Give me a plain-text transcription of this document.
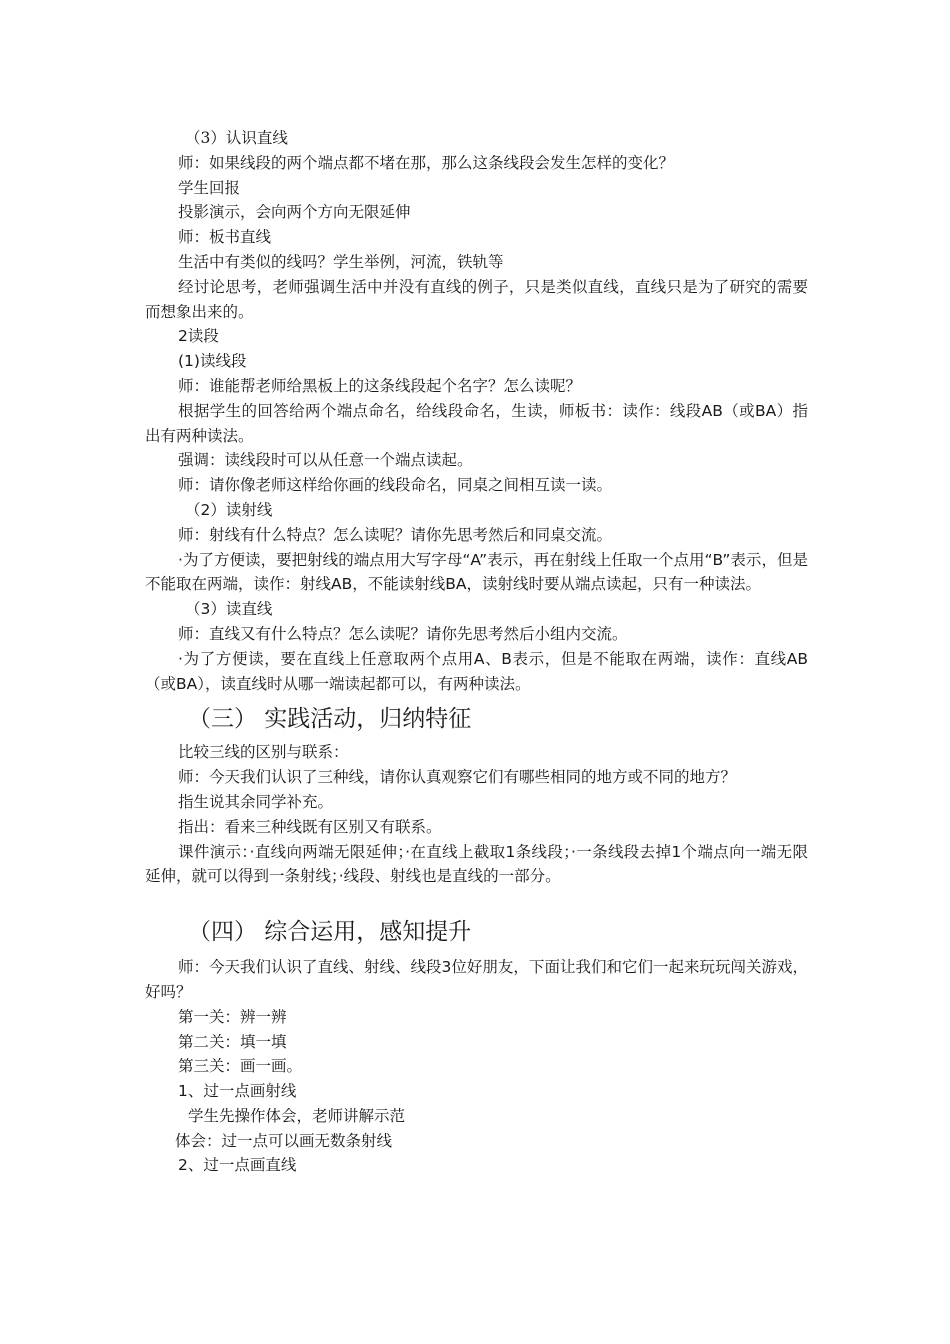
（3）认识直线
师：如果线段的两个端点都不堵在那，那么这条线段会发生怎样的变化？
学生回报
投影演示，会向两个方向无限延伸
师：板书直线
生活中有类似的线吗？学生举例，河流，铁轨等
经讨论思考，老师强调生活中并没有直线的例子，只是类似直线，直线只是为了研究的需要而想象出来的。
2读段
(1)读线段
师：谁能帮老师给黑板上的这条线段起个名字？怎么读呢？
根据学生的回答给两个端点命名，给线段命名，生读，师板书：读作：线段AB（或BA）指出有两种读法。
强调：读线段时可以从任意一个端点读起。
师：请你像老师这样给你画的线段命名，同桌之间相互读一读。
（2）读射线
师：射线有什么特点？怎么读呢？请你先思考然后和同桌交流。
·为了方便读，要把射线的端点用大写字母“A”表示，再在射线上任取一个点用“B”表示，但是不能取在两端，读作：射线AB，不能读射线BA，读射线时要从端点读起，只有一种读法。
（3）读直线
师：直线又有什么特点？怎么读呢？请你先思考然后小组内交流。
·为了方便读，要在直线上任意取两个点用A、B表示，但是不能取在两端，读作：直线AB（或BA），读直线时从哪一端读起都可以，有两种读法。
（三） 实践活动，归纳特征
比较三线的区别与联系：
师：今天我们认识了三种线，请你认真观察它们有哪些相同的地方或不同的地方？
指生说其余同学补充。
指出：看来三种线既有区别又有联系。
课件演示：·直线向两端无限延伸；·在直线上截取1条线段；·一条线段去掉1个端点向一端无限延伸，就可以得到一条射线；·线段、射线也是直线的一部分。
（四） 综合运用，感知提升
师：今天我们认识了直线、射线、线段3位好朋友，下面让我们和它们一起来玩玩闯关游戏，好吗？
第一关：辨一辨
第二关：填一填
第三关：画一画。
1、过一点画射线
学生先操作体会，老师讲解示范
体会：过一点可以画无数条射线
2、过一点画直线
